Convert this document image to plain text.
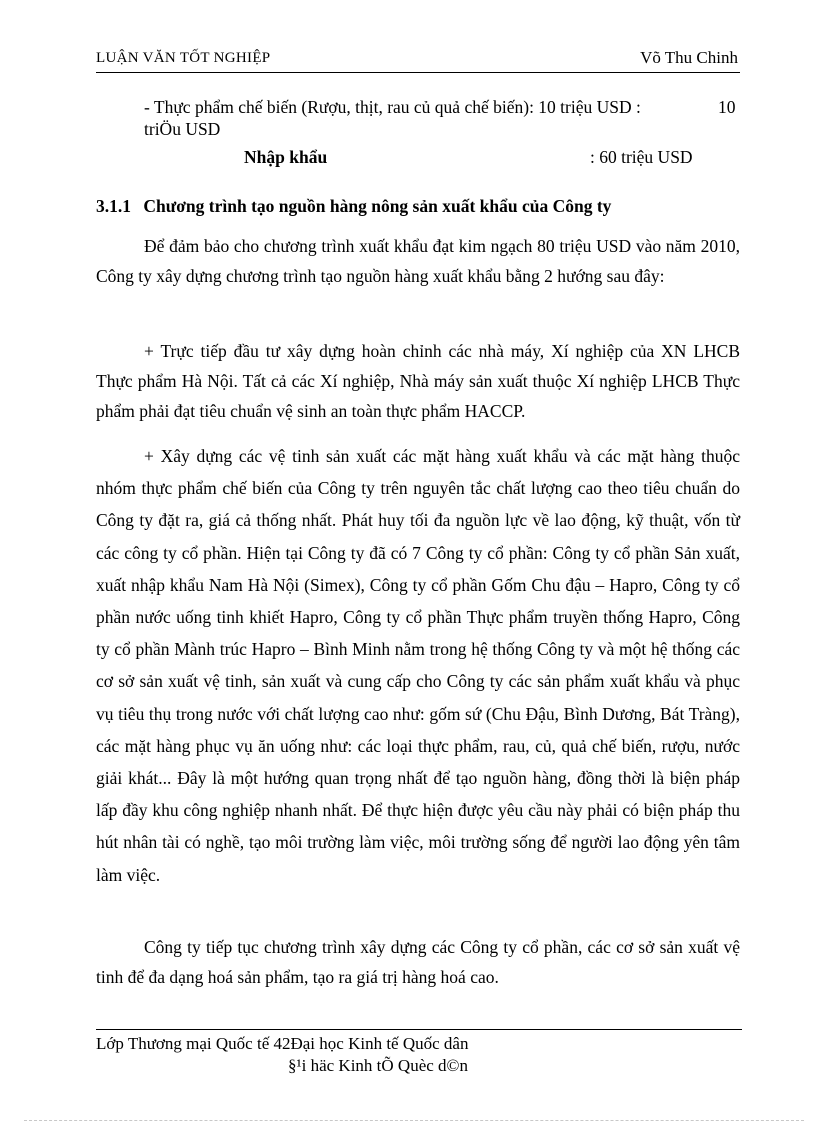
LUẬN VĂN TỐT NGHIỆP	Võ Thu Chinh
- Thực phẩm chế biến (Rượu, thịt, rau củ quả chế biến): 10 triệu USD :	10
triÖu USD
Nhập khẩu	: 60 triệu USD
3.1.1 Chương trình tạo nguồn hàng nông sản xuất khẩu của Công ty

Để đảm bảo cho chương trình xuất khẩu đạt kim ngạch 80 triệu USD vào năm 2010, Công ty xây dựng chương trình tạo nguồn hàng xuất khẩu bằng 2 hướng sau đây:

+ Trực tiếp đầu tư xây dựng hoàn chỉnh các nhà máy, Xí nghiệp của XN LHCB Thực phẩm Hà Nội. Tất cả các Xí nghiệp, Nhà máy sản xuất thuộc Xí nghiệp LHCB Thực phẩm phải đạt tiêu chuẩn vệ sinh an toàn thực phẩm HACCP.

+ Xây dựng các vệ tinh sản xuất các mặt hàng xuất khẩu và các mặt hàng thuộc nhóm thực phẩm chế biến của Công ty trên nguyên tắc chất lượng cao theo tiêu chuẩn do Công ty đặt ra, giá cả thống nhất. Phát huy tối đa nguồn lực về lao động, kỹ thuật, vốn từ các công ty cổ phần. Hiện tại Công ty đã có 7 Công ty cổ phần: Công ty cổ phần Sản xuất, xuất nhập khẩu Nam Hà Nội (Simex), Công ty cổ phần Gốm Chu đậu – Hapro, Công ty cổ phần nước uống tinh khiết Hapro, Công ty cổ phần Thực phẩm truyền thống Hapro, Công ty cổ phần Mành trúc Hapro – Bình Minh nằm trong hệ thống Công ty và một hệ thống các cơ sở sản xuất vệ tinh, sản xuất và cung cấp cho Công ty các sản phẩm xuất khẩu và phục vụ tiêu thụ trong nước với chất lượng cao như: gốm sứ (Chu Đậu, Bình Dương, Bát Tràng), các mặt hàng phục vụ ăn uống như: các loại thực phẩm, rau, củ, quả chế biến, rượu, nước giải khát... Đây là một hướng quan trọng nhất để tạo nguồn hàng, đồng thời là biện pháp lấp đầy khu công nghiệp nhanh nhất. Để thực hiện được yêu cầu này phải có biện pháp thu hút nhân tài có nghề, tạo môi trường làm việc, môi trường sống để người lao động yên tâm làm việc.

Công ty tiếp tục chương trình xây dựng các Công ty cổ phần, các cơ sở sản xuất vệ tinh để đa dạng hoá sản phẩm, tạo ra giá trị hàng hoá cao.

Lớp Thương mại Quốc tế 42Đại học Kinh tế Quốc dân
§¹i häc Kinh tÕ Quèc d©n
